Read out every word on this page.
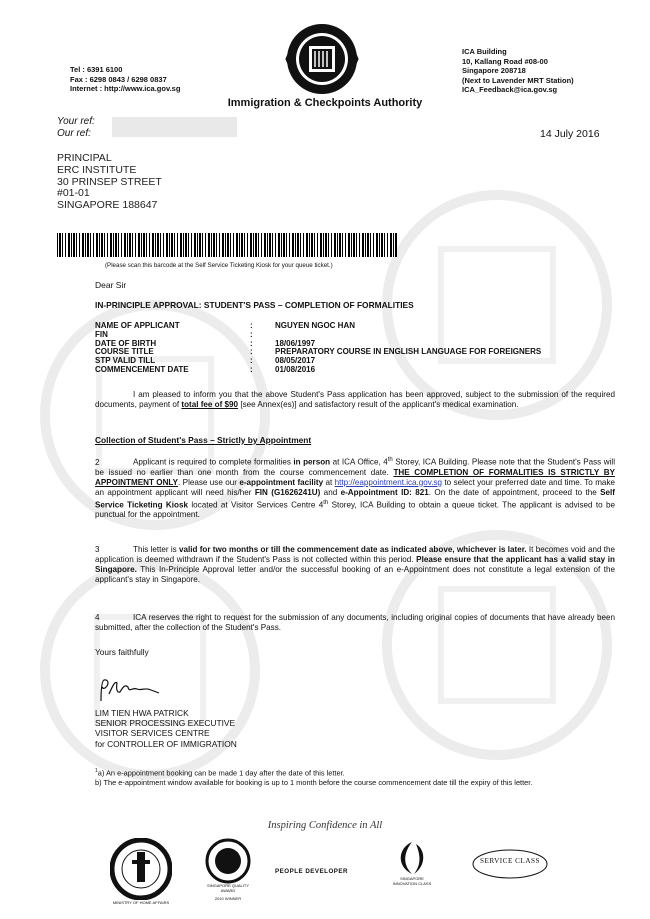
Tel : 6391 6100
Fax : 6298 0843 / 6298 0837
Internet : http://www.ica.gov.sg
ICA Building
10, Kallang Road #08-00
Singapore 208718
(Next to Lavender MRT Station)
ICA_Feedback@ica.gov.sg
Immigration & Checkpoints Authority
Your ref:
Our ref:	14 July 2016
PRINCIPAL
ERC INSTITUTE
30 PRINSEP STREET
#01-01
SINGAPORE 188647
(Please scan this barcode at the Self Service Ticketing Kiosk for your queue ticket.)
Dear Sir
IN-PRINCIPLE APPROVAL: STUDENT'S PASS – COMPLETION OF FORMALITIES
NAME OF APPLICANT	:	NGUYEN NGOC HAN
FIN	:
DATE OF BIRTH	:	18/06/1997
COURSE TITLE	:	PREPARATORY COURSE IN ENGLISH LANGUAGE FOR FOREIGNERS
STP VALID TILL	:	08/05/2017
COMMENCEMENT DATE	:	01/08/2016
I am pleased to inform you that the above Student's Pass application has been approved, subject to the submission of the required documents, payment of total fee of $90 [see Annex(es)] and satisfactory result of the applicant's medical examination.
Collection of Student's Pass – Strictly by Appointment
2	Applicant is required to complete formalities in person at ICA Office, 4th Storey, ICA Building. Please note that the Student's Pass will be issued no earlier than one month from the course commencement date. THE COMPLETION OF FORMALITIES IS STRICTLY BY APPOINTMENT ONLY. Please use our e-appointment facility at http://eappointment.ica.gov.sg to select your preferred date and time. To make an appointment applicant will need his/her FIN (G1626241U) and e-Appointment ID: 821. On the date of appointment, proceed to the Self Service Ticketing Kiosk located at Visitor Services Centre 4th Storey, ICA Building to obtain a queue ticket. The applicant is advised to be punctual for the appointment.
3	This letter is valid for two months or till the commencement date as indicated above, whichever is later. It becomes void and the application is deemed withdrawn if the Student's Pass is not collected within this period. Please ensure that the applicant has a valid stay in Singapore. This In-Principle Approval letter and/or the successful booking of an e-Appointment does not constitute a legal extension of the applicant's stay in Singapore.
4	ICA reserves the right to request for the submission of any documents, including original copies of documents that have already been submitted, after the collection of the Student's Pass.
Yours faithfully
LIM TIEN HWA PATRICK
SENIOR PROCESSING EXECUTIVE
VISITOR SERVICES CENTRE
for CONTROLLER OF IMMIGRATION
$^1$a) An e-appointment booking can be made 1 day after the date of this letter.
b) The e-appointment window available for booking is up to 1 month before the course commencement date till the expiry of this letter.
Inspiring Confidence in All
MINISTRY OF HOME AFFAIRS
SINGAPORE QUALITY AWARD
2010 WINNER
PEOPLE DEVELOPER
SINGAPORE INNOVATION CLASS
SERVICE CLASS
